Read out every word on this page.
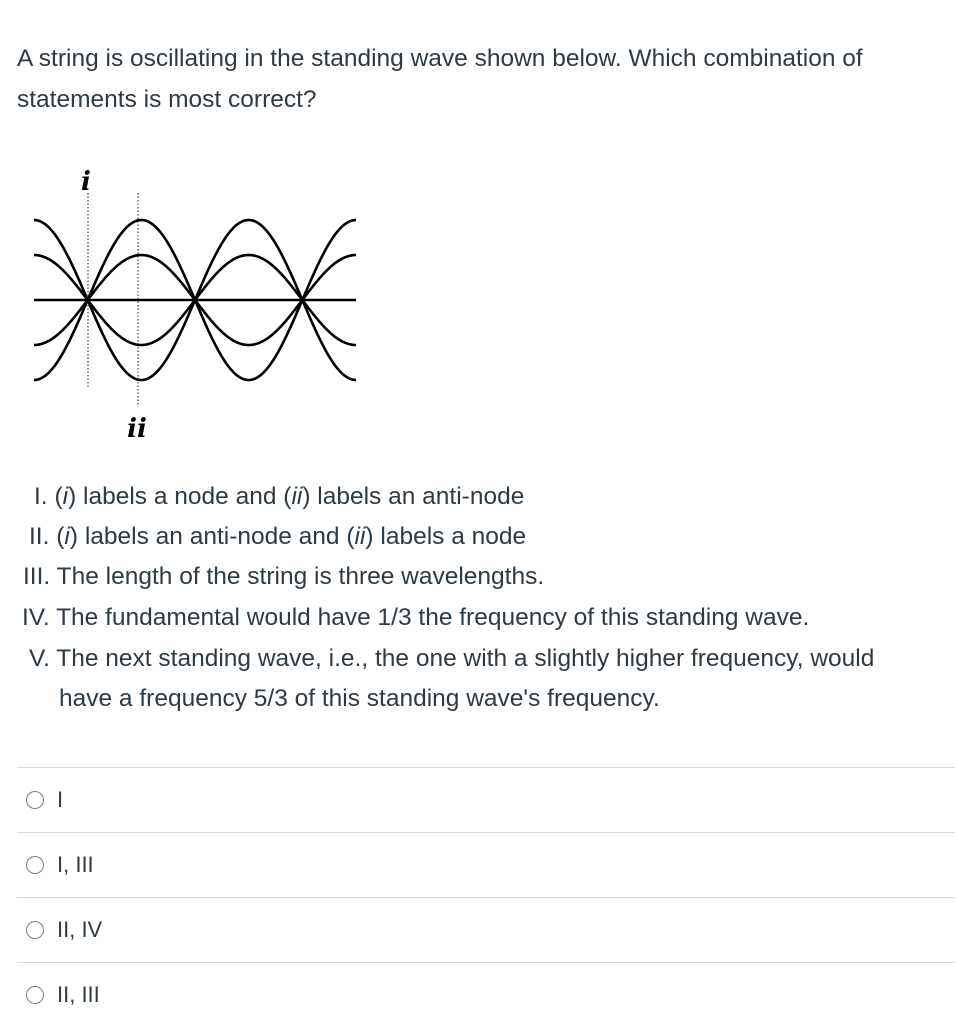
A string is oscillating in the standing wave shown below. Which combination of statements is most correct?
i
ii
I. (i) labels a node and (ii) labels an anti-node
II. (i) labels an anti-node and (ii) labels a node
III. The length of the string is three wavelengths.
IV. The fundamental would have 1/3 the frequency of this standing wave.
V. The next standing wave, i.e., the one with a slightly higher frequency, would
have a frequency 5/3 of this standing wave's frequency.
I
I, III
II, IV
II, III
